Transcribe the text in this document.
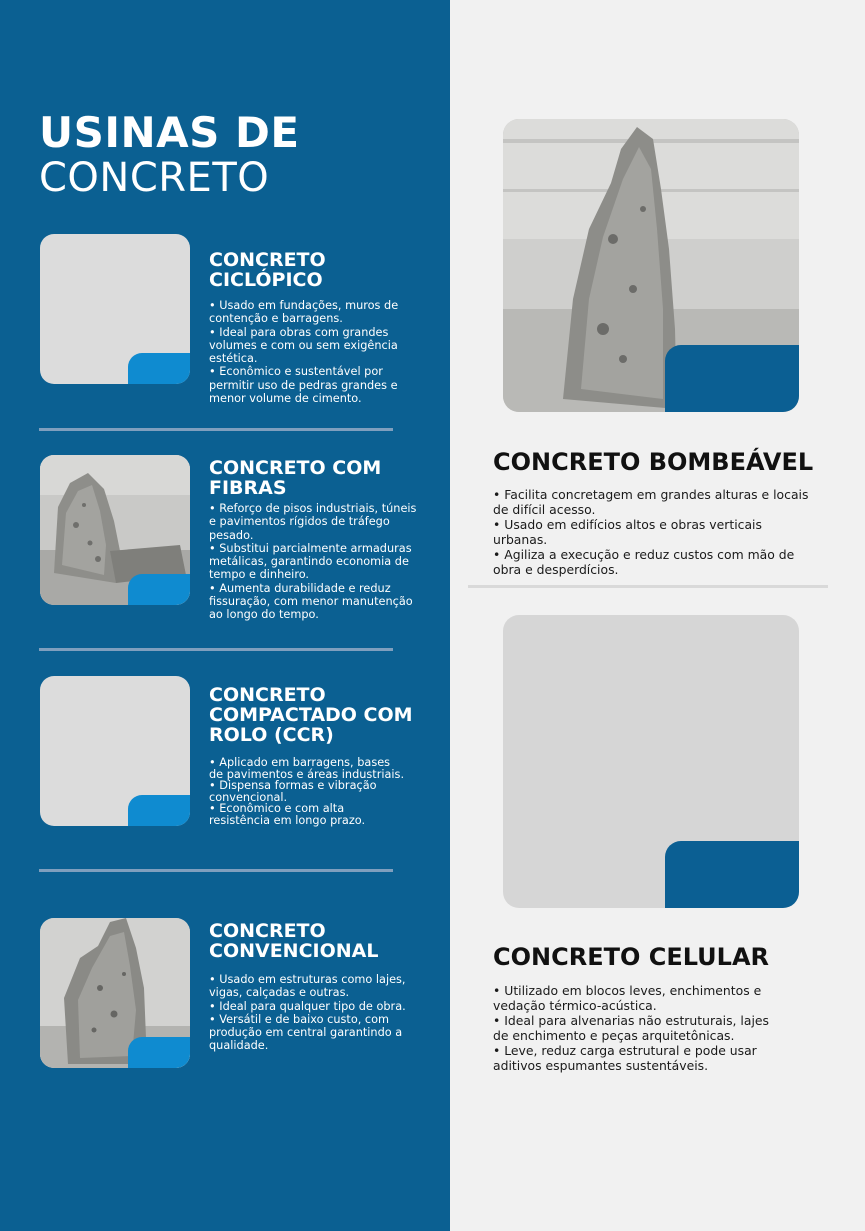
USINAS DE
CONCRETO
CONCRETO
CICLÓPICO

• Usado em fundações, muros de
contenção e barragens.
• Ideal para obras com grandes
volumes e com ou sem exigência
estética.
• Econômico e sustentável por
permitir uso de pedras grandes e
menor volume de cimento.

CONCRETO COM
FIBRAS

• Reforço de pisos industriais, túneis
e pavimentos rígidos de tráfego
pesado.
• Substitui parcialmente armaduras
metálicas, garantindo economia de
tempo e dinheiro.
• Aumenta durabilidade e reduz
fissuração, com menor manutenção
ao longo do tempo.

CONCRETO
COMPACTADO COM
ROLO (CCR)

• Aplicado em barragens, bases
de pavimentos e áreas industriais.
• Dispensa formas e vibração
convencional.
• Econômico e com alta
resistência em longo prazo.

CONCRETO
CONVENCIONAL

• Usado em estruturas como lajes,
vigas, calçadas e outras.
• Ideal para qualquer tipo de obra.
• Versátil e de baixo custo, com
produção em central garantindo a
qualidade.

CONCRETO BOMBEÁVEL

• Facilita concretagem em grandes alturas e locais
de difícil acesso.
• Usado em edifícios altos e obras verticais
urbanas.
• Agiliza a execução e reduz custos com mão de
obra e desperdícios.

CONCRETO CELULAR

• Utilizado em blocos leves, enchimentos e
vedação térmico-acústica.
• Ideal para alvenarias não estruturais, lajes
de enchimento e peças arquitetônicas.
• Leve, reduz carga estrutural e pode usar
aditivos espumantes sustentáveis.
